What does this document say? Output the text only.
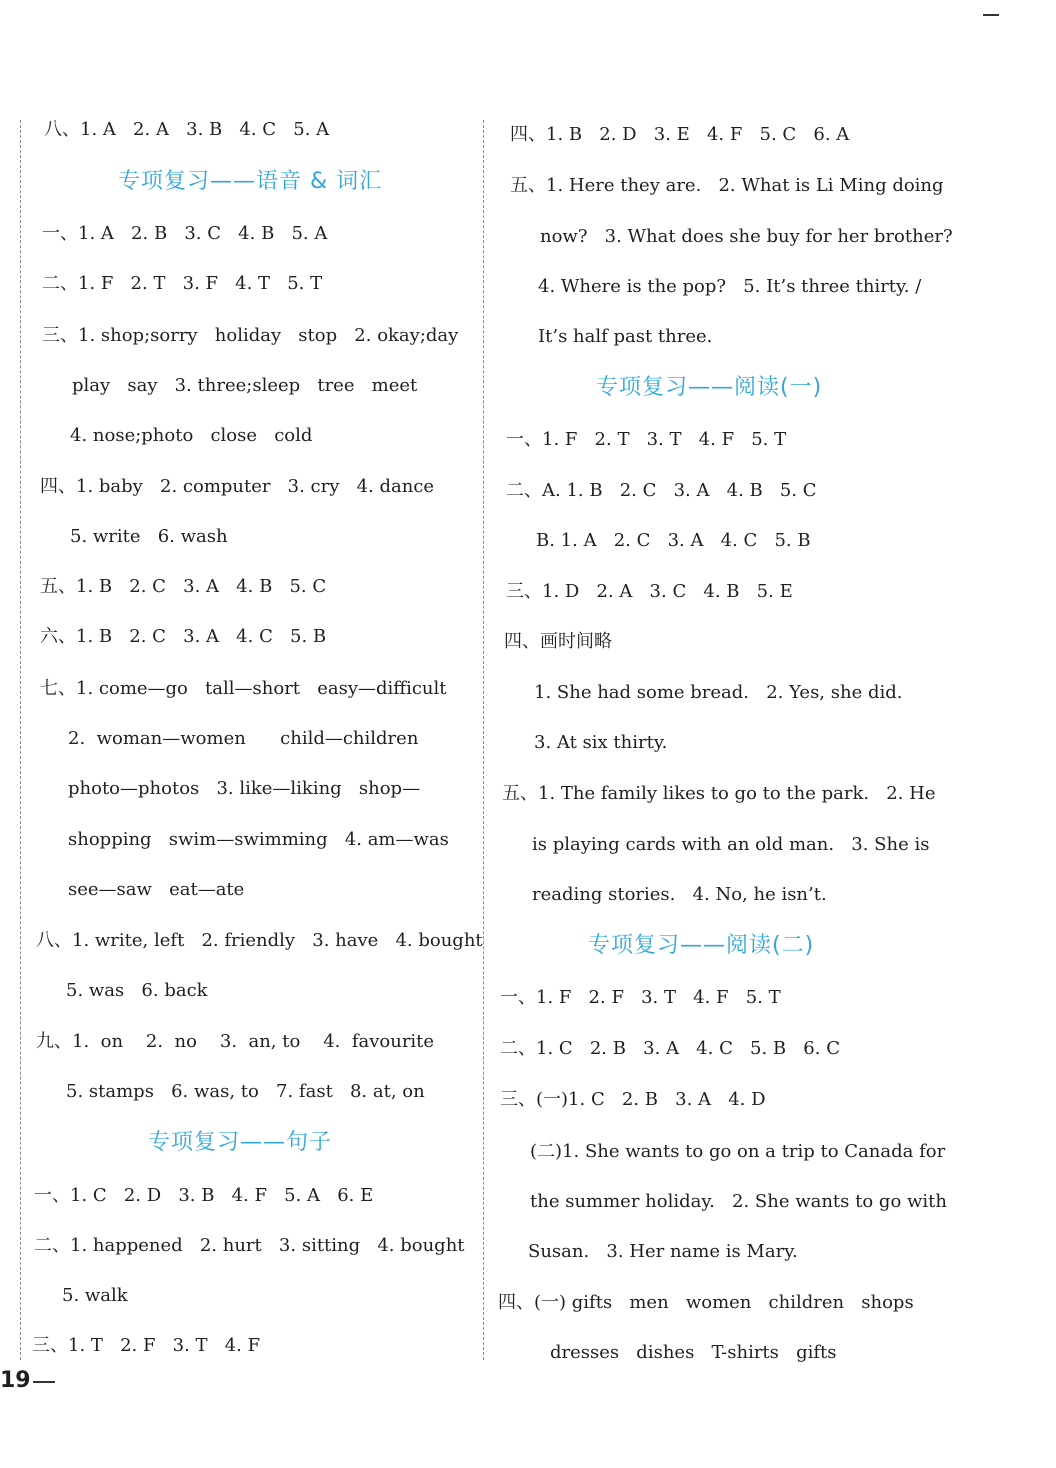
八、1. A   2. A   3. B   4. C   5. A
专项复习——语音 & 词汇
一、1. A   2. B   3. C   4. B   5. A
二、1. F   2. T   3. F   4. T   5. T
三、1. shop;sorry   holiday   stop   2. okay;day
play   say   3. three;sleep   tree   meet
4. nose;photo   close   cold
四、1. baby   2. computer   3. cry   4. dance
5. write   6. wash
五、1. B   2. C   3. A   4. B   5. C
六、1. B   2. C   3. A   4. C   5. B
七、1. come—go   tall—short   easy—difficult
2.  woman—women      child—children
photo—photos   3. like—liking   shop—
shopping   swim—swimming   4. am—was
see—saw   eat—ate
八、1. write, left   2. friendly   3. have   4. bought
5. was   6. back
九、1.  on    2.  no    3.  an, to    4.  favourite
5. stamps   6. was, to   7. fast   8. at, on
专项复习——句子
一、1. C   2. D   3. B   4. F   5. A   6. E
二、1. happened   2. hurt   3. sitting   4. bought
5. walk
三、1. T   2. F   3. T   4. F
四、1. B   2. D   3. E   4. F   5. C   6. A
五、1. Here they are.   2. What is Li Ming doing
now?   3. What does she buy for her brother?
4. Where is the pop?   5. It’s three thirty. /
It’s half past three.
专项复习——阅读(一)
一、1. F   2. T   3. T   4. F   5. T
二、A. 1. B   2. C   3. A   4. B   5. C
B. 1. A   2. C   3. A   4. C   5. B
三、1. D   2. A   3. C   4. B   5. E
四、画时间略
1. She had some bread.   2. Yes, she did.
3. At six thirty.
五、1. The family likes to go to the park.   2. He
is playing cards with an old man.   3. She is
reading stories.   4. No, he isn’t.
专项复习——阅读(二)
一、1. F   2. F   3. T   4. F   5. T
二、1. C   2. B   3. A   4. C   5. B   6. C
三、(一)1. C   2. B   3. A   4. D
(二)1. She wants to go on a trip to Canada for
the summer holiday.   2. She wants to go with
Susan.   3. Her name is Mary.
四、(一) gifts   men   women   children   shops
dresses   dishes   T-shirts   gifts
19
